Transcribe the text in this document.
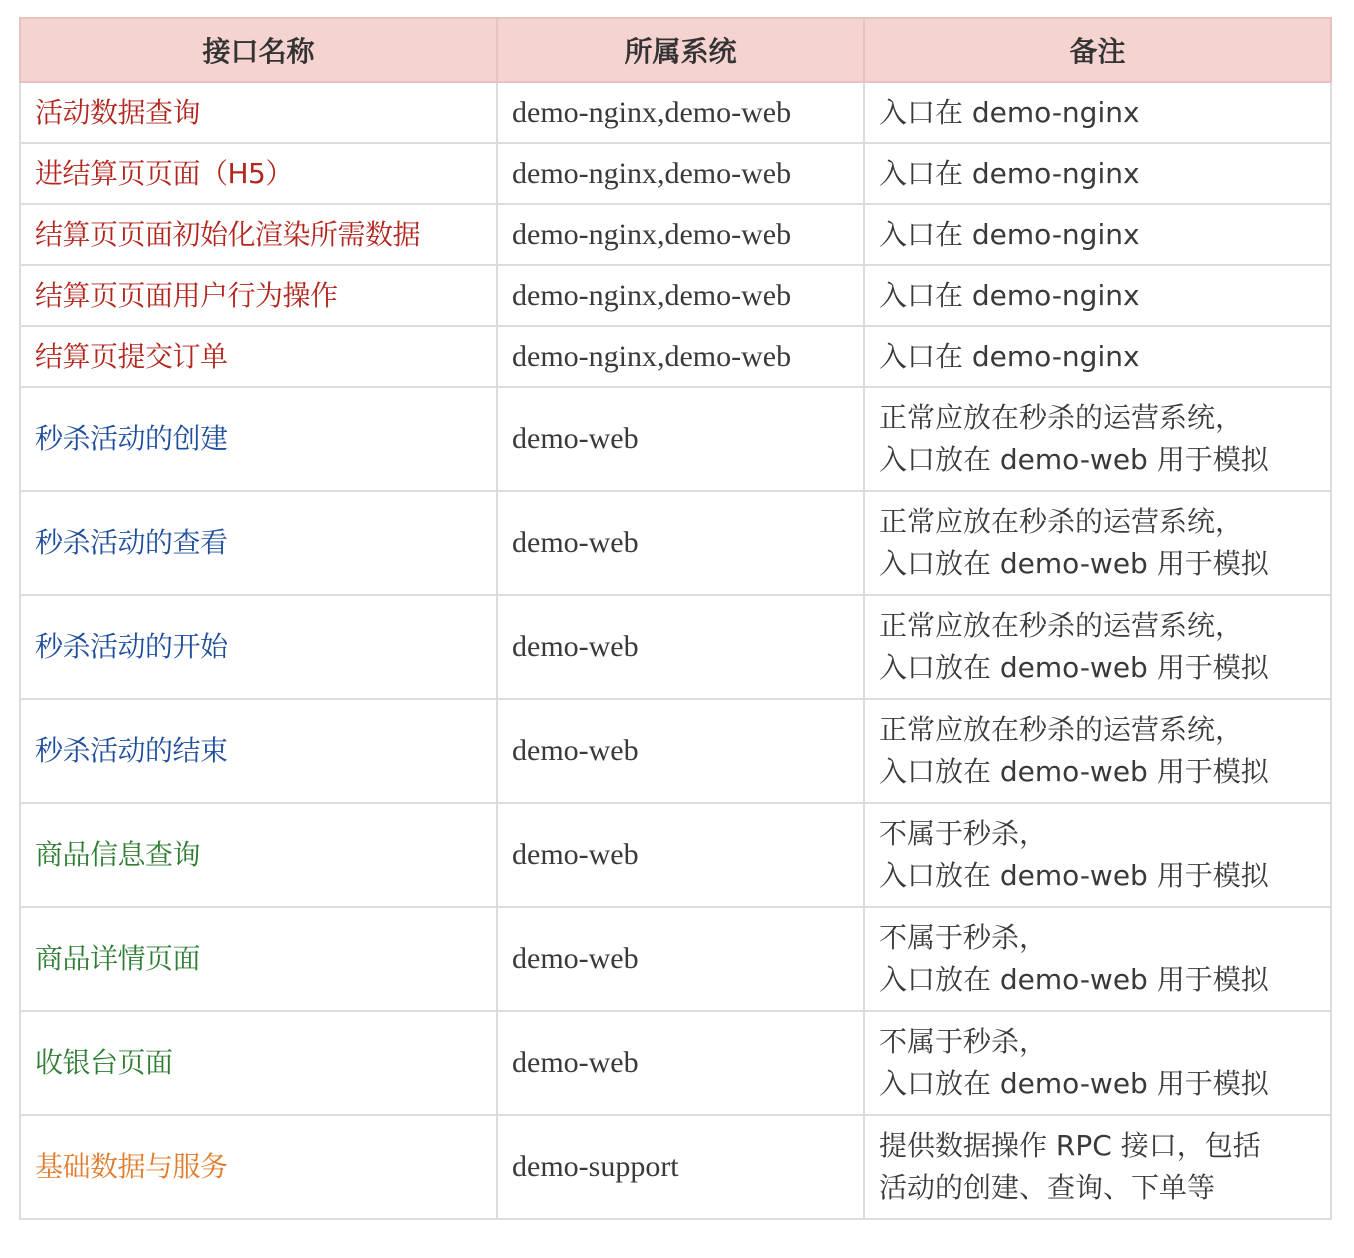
接口名称	所属系统	备注
活动数据查询	demo-nginx,demo-web	入口在 demo-nginx

进结算页页面（H5）	demo-nginx,demo-web	入口在 demo-nginx

结算页页面初始化渲染所需数据	demo-nginx,demo-web	入口在 demo-nginx

结算页页面用户行为操作	demo-nginx,demo-web	入口在 demo-nginx

结算页提交订单	demo-nginx,demo-web	入口在 demo-nginx

秒杀活动的创建	demo-web	正常应放在秒杀的运营系统，
入口放在 demo-web 用于模拟

秒杀活动的查看	demo-web	正常应放在秒杀的运营系统，
入口放在 demo-web 用于模拟

秒杀活动的开始	demo-web	正常应放在秒杀的运营系统，
入口放在 demo-web 用于模拟

秒杀活动的结束	demo-web	正常应放在秒杀的运营系统，
入口放在 demo-web 用于模拟

商品信息查询	demo-web	不属于秒杀，
入口放在 demo-web 用于模拟

商品详情页面	demo-web	不属于秒杀，
入口放在 demo-web 用于模拟

收银台页面	demo-web	不属于秒杀，
入口放在 demo-web 用于模拟

基础数据与服务	demo-support	提供数据操作 RPC 接口，包括
活动的创建、查询、下单等
